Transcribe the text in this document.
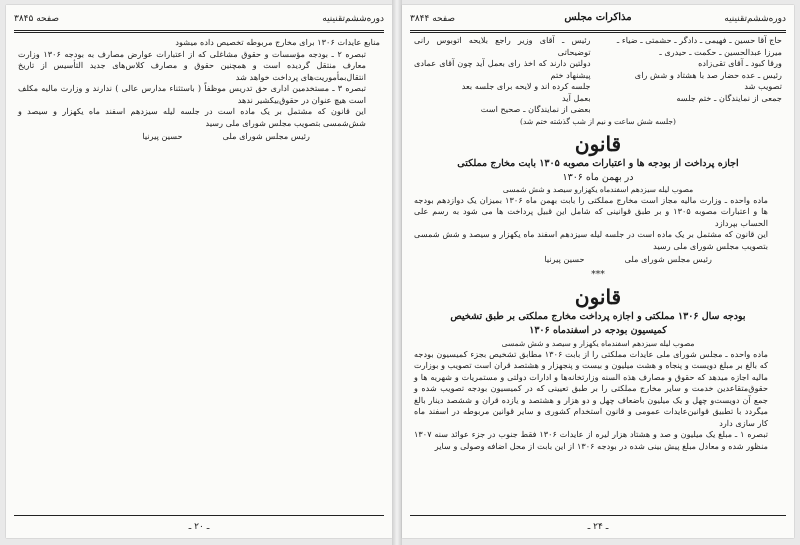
دوره‌ششم‌تقنینیه
صفحه ۳۸۴۵

منابع عایدات ۱۳۰۶ برای مخارج مربوطه تخصیص داده میشود

تبصره ۲ ـ بودجه مؤسسات و حقوق مشاغلی که از اعتبارات عوارض مصارف به بودجه ۱۳۰۶ وزارت معارف منتقل گردیده است و همچنین حقوق و مصارف کلاس‌های جدید التأسیس از تاریخ انتقال‌بمأموریت‌های پرداخت خواهد شد

تبصره ۳ ـ مستخدمین اداری حق تدریس موظفاً ( باستثناء مدارس عالی ) ندارند و وزارت مالیه مکلف است هیچ عنوان در حقوق‌بیکشیر ندهد

این قانون که مشتمل بر یک ماده است در جلسه لیله سیزدهم اسفند ماه یکهزار و سیصد و شش‌شمسی بتصویب مجلس شورای ملی رسید

رئیس مجلس شورای ملی
حسین پیرنیا
ـ ۲۰ ـ
دوره‌ششم‌تقنینیه
مذاکرات مجلس
صفحه ۳۸۴۴
حاج آقا حسین ـ فهیمی ـ دادگر ـ حشمتی ـ ضیاء ـ
میرزا عبدالحسین ـ حکمت ـ حیدری ـ
ورقا‌ کبود ـ آقای تقی‌زاده
رئیس ـ عده حضار صد با هشتاد و شش رای
تصویب شد
جمعی از نمایندگان ـ ختم جلسه
رئیس ـ آقای وزیر راجع بلایحه اتوبوس رانی توضیحاتی
دولتین دارند که اخذ رای بعمل آید چون آقای عمادی پیشنهاد ختم
جلسه کرده اند و لایحه برای جلسه بعد
بعمل آید
بعضی از نمایندگان ـ صحیح است
(جلسه شش ساعت و نیم از شب گذشته ختم شد)
قانون
اجازه پرداخت از بودجه ها و اعتبارات مصوبه ۱۳۰۵ بابت مخارج مملکتی
در بهمن ماه ۱۳۰۶
مصوب لیله سیزدهم اسفندماه یکهزارو سیصد و شش شمسی

ماده واحده ـ وزارت مالیه مجاز است مخارج مملکتی را بابت بهمن ماه ۱۳۰۶ بمیزان یک دوازدهم بودجه ها و اعتبارات مصوبه ۱۳۰۵ و بر طبق قوانینی که شامل این قبیل پرداخت ها می شود به رسم علی الحساب بپردازد

این قانون که مشتمل بر یک ماده است در جلسه لیله سیزدهم اسفند ماه یکهزار و سیصد و شش شمسی بتصویب مجلس شورای ملی رسید

رئیس مجلس شورای ملی
حسین پیرنیا
***
قانون
بودجه سال ۱۳۰۶ مملکتی و اجازه پرداخت مخارج مملکتی بر طبق تشخیص
کمیسیون بودجه در اسفندماه ۱۳۰۶
مصوب لیله سیزدهم اسفندماه یکهزار و سیصد و شش شمسی

ماده واحده ـ مجلس شورای ملی عایدات مملکتی را از بابت ۱۳۰۶ مطابق تشخیص بجزء کمیسیون بودجه که بالغ بر مبلغ دویست و پنجاه و هشت میلیون و بیست و پنجهزار و هشتصد قران است تصویب و بوزارت مالیه اجازه میدهد که حقوق و مصارف هذه السنه وزارتخانه‌ها و ادارات دولتی و مستمریات و شهریه ها و حقوق‌متقاعدین خدمت و سایر مخارج مملکتی را بر طبق تعیینی که در کمیسیون بودجه تصویب شده و جمع آن دویست‌و چهل و یک میلیون باضعاف چهل و دو هزار و هشتصد و یازده قران و ششصد دینار بالغ میگردد با تطبیق قوانین‌عایدات عمومی و قانون استخدام کشوری و سایر قوانین مربوطه در اسفند ماه کار سازی دارد

تبصره ۱ ـ مبلغ یک میلیون و صد و هشتاد هزار لیره از عایدات ۱۳۰۶ فقط جنوب در جزء عوائد سنه ۱۳۰۷ منظور شده و معادل مبلغ پیش بینی شده در بودجه ۱۳۰۶ از این بابت از محل اضافه وصولی و سایر

ـ ۲۴ ـ
